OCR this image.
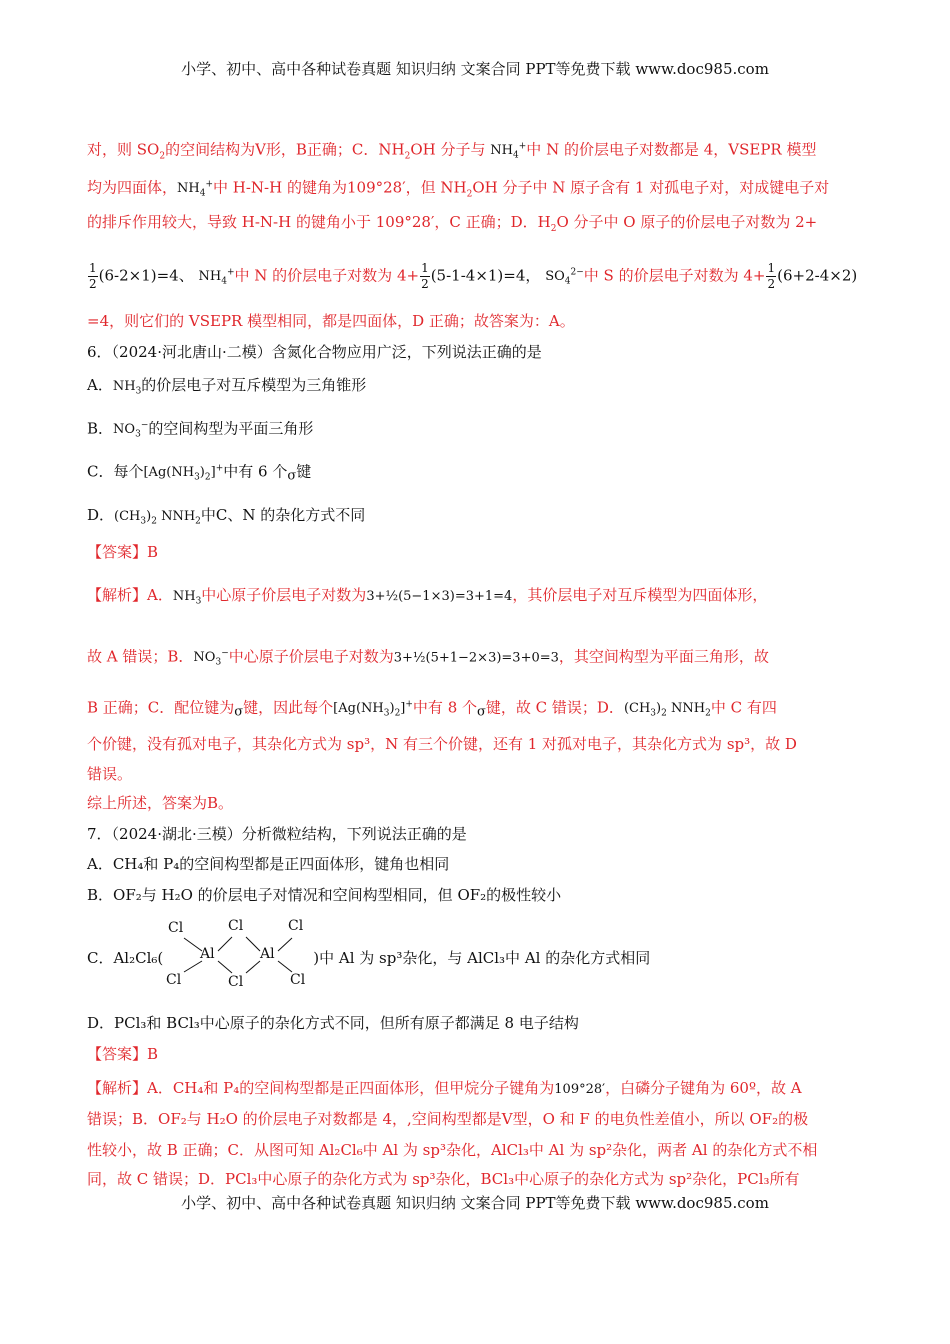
小学、初中、高中各种试卷真题 知识归纳 文案合同 PPT等免费下载 www.doc985.com
对，则 $SO_2$的空间结构为V形，B正确；C．$NH_2OH$ 分子与 $NH_4^+$中 N 的价层电子对数都是 4，VSEPR 模型
均为四面体，$NH_4^+$中 H-N-H 的键角为109°28′，但 $NH_2OH$ 分子中 N 原子含有 1 对孤电子对，对成键电子对
的排斥作用较大，导致 H-N-H 的键角小于 109°28′，C 正确；D．$H_2O$ 分子中 O 原子的价层电子对数为 2+
$\frac{1}{2} (6-2\times 1)=4$、 $NH_4^+$中 N 的价层电子对数为 $4+ \frac{1}{2} (5-1-4\times 1)=4$， $SO_4^{2-}$中 S 的价层电子对数为 $4+ \frac{1}{2} (6+2-4\times 2)$
=4，则它们的 VSEPR 模型相同，都是四面体，D 正确；故答案为：A。
6．（2024·河北唐山·二模）含氮化合物应用广泛，下列说法正确的是
A．$NH_3$的价层电子对互斥模型为三角锥形
B．$NO_3^-$的空间构型为平面三角形
C．每个$[Ag(NH_3)_2]^+$中有 6 个σ键
D．$(CH_3)_2$ $NNH_2$中C、N 的杂化方式不同
【答案】B
【解析】A．$NH_3$中心原子价层电子对数为3+½(5−1×3)=3+1=4，其价层电子对互斥模型为四面体形，
故 A 错误；B．$NO_3^-$中心原子价层电子对数为3+½(5+1−2×3)=3+0=3，其空间构型为平面三角形，故
B 正确；C．配位键为σ键，因此每个$[Ag(NH_3)_2]^+$中有 8 个σ键，故 C 错误；D．$(CH_3)_2$ $NNH_2$中 C 有四
个价键，没有孤对电子，其杂化方式为 sp³，N 有三个价键，还有 1 对孤对电子，其杂化方式为 sp³，故 D
错误。
综上所述，答案为B。
7．（2024·湖北·三模）分析微粒结构，下列说法正确的是
A．CH₄和 P₄的空间构型都是正四面体形，键角也相同
B．OF₂与 H₂O 的价层电子对情况和空间构型相同，但 OF₂的极性较小
C．Al₂Cl₆(	)中 Al 为 sp³杂化，与 AlCl₃中 Al 的杂化方式相同
Cl	Cl	Cl
Al	Al
Cl	Cl	Cl
D．PCl₃和 BCl₃中心原子的杂化方式不同，但所有原子都满足 8 电子结构
【答案】B
【解析】A．CH₄和 P₄的空间构型都是正四面体形，但甲烷分子键角为109°28′，白磷分子键角为 60º，故 A
错误；B．OF₂与 H₂O 的价层电子对数都是 4，,空间构型都是Ⅴ型，O 和 F 的电负性差值小，所以 OF₂的极
性较小，故 B 正确；C．从图可知 Al₂Cl₆中 Al 为 sp³杂化，AlCl₃中 Al 为 sp²杂化，两者 Al 的杂化方式不相
同，故 C 错误；D．PCl₃中心原子的杂化方式为 sp³杂化，BCl₃中心原子的杂化方式为 sp²杂化，PCl₃所有
小学、初中、高中各种试卷真题 知识归纳 文案合同 PPT等免费下载 www.doc985.com
